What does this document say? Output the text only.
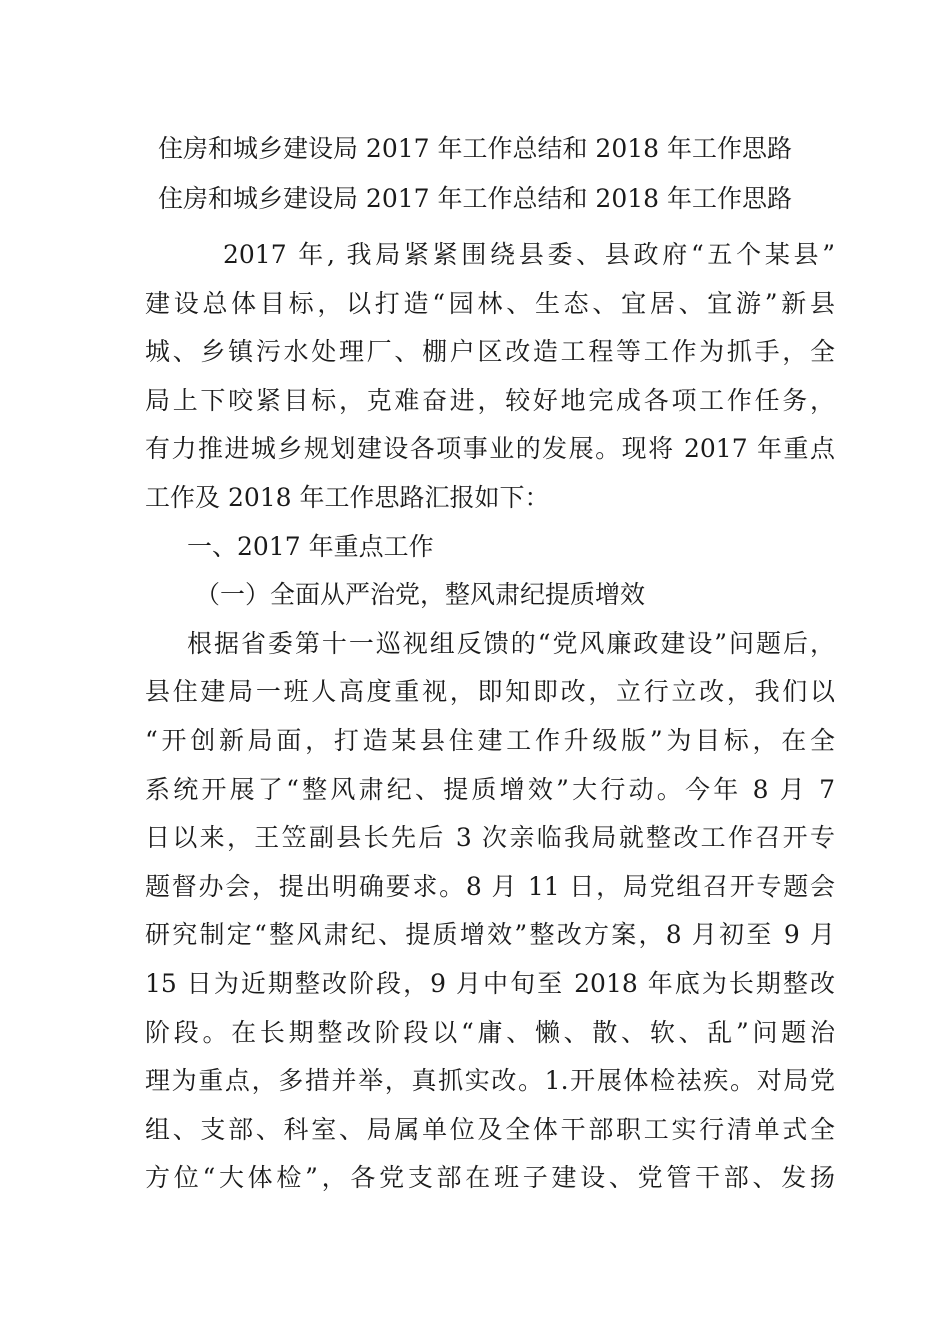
住房和城乡建设局 2017 年工作总结和 2018 年工作思路
住房和城乡建设局 2017 年工作总结和 2018 年工作思路
2017 年, 我局紧紧围绕县委、县政府“五个某县”
建设总体目标，以打造“园林、生态、宜居、宜游”新县
城、乡镇污水处理厂、棚户区改造工程等工作为抓手，全
局上下咬紧目标，克难奋进，较好地完成各项工作任务，
有力推进城乡规划建设各项事业的发展。现将 2017 年重点
工作及 2018 年工作思路汇报如下：
一、2017 年重点工作
（一）全面从严治党，整风肃纪提质增效
根据省委第十一巡视组反馈的“党风廉政建设”问题后，
县住建局一班人高度重视，即知即改，立行立改，我们以
“开创新局面，打造某县住建工作升级版”为目标，在全
系统开展了“整风肃纪、提质增效”大行动。今年 8 月 7
日以来，王笠副县长先后 3 次亲临我局就整改工作召开专
题督办会，提出明确要求。8 月 11 日，局党组召开专题会
研究制定“整风肃纪、提质增效”整改方案，8 月初至 9 月
15 日为近期整改阶段，9 月中旬至 2018 年底为长期整改
阶段。在长期整改阶段以“庸、懒、散、软、乱”问题治
理为重点，多措并举，真抓实改。1.开展体检祛疾。对局党
组、支部、科室、局属单位及全体干部职工实行清单式全
方位“大体检”，各党支部在班子建设、党管干部、发扬
